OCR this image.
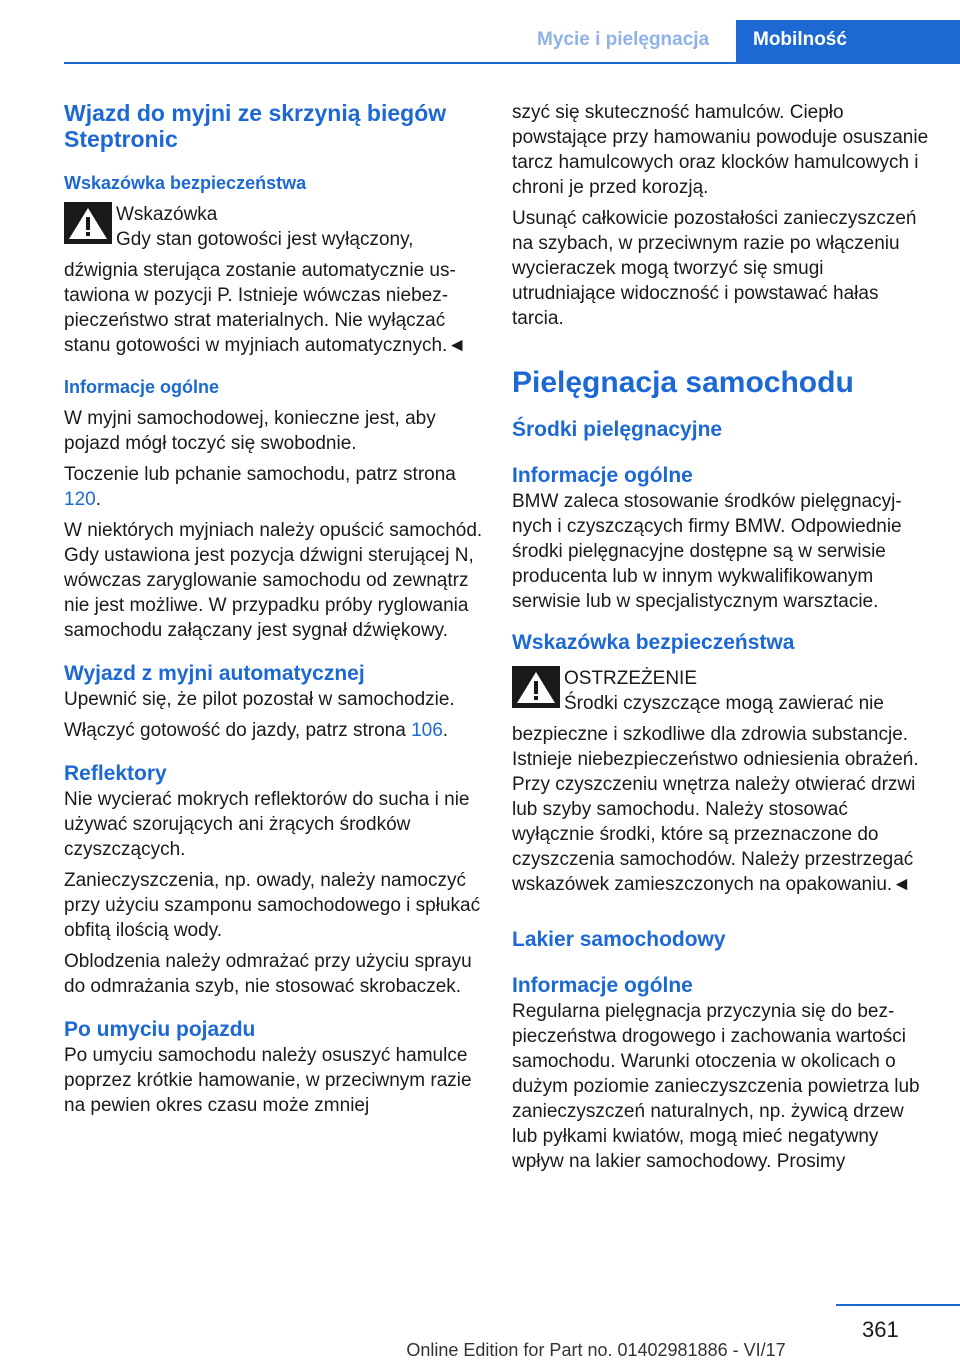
Mycie i pielęgnacja Mobilność
Wjazd do myjni ze skrzynią biegów Steptronic
Wskazówka bezpieczeństwa
Wskazówka
Gdy stan gotowości jest wyłączony,
dźwignia sterująca zostanie automatycznie ustawiona w pozycji P. Istnieje wówczas niebezpieczeństwo strat materialnych. Nie wyłączać stanu gotowości w myjniach automatycznych.◄
Informacje ogólne
W myjni samochodowej, konieczne jest, aby pojazd mógł toczyć się swobodnie.
Toczenie lub pchanie samochodu, patrz strona 120.
W niektórych myjniach należy opuścić samochód. Gdy ustawiona jest pozycja dźwigni sterującej N, wówczas zaryglowanie samochodu od zewnątrz nie jest możliwe. W przypadku próby ryglowania samochodu załączany jest sygnał dźwiękowy.
Wyjazd z myjni automatycznej
Upewnić się, że pilot pozostał w samochodzie.
Włączyć gotowość do jazdy, patrz strona 106.
Reflektory
Nie wycierać mokrych reflektorów do sucha i nie używać szorujących ani żrących środków czyszczących.
Zanieczyszczenia, np. owady, należy namoczyć przy użyciu szamponu samochodowego i spłukać obfitą ilością wody.
Oblodzenia należy odmrażać przy użyciu sprayu do odmrażania szyb, nie stosować skrobaczek.
Po umyciu pojazdu
Po umyciu samochodu należy osuszyć hamulce poprzez krótkie hamowanie, w przeciwnym razie na pewien okres czasu może zmniej
szyć się skuteczność hamulców. Ciepło powstające przy hamowaniu powoduje osuszanie tarcz hamulcowych oraz klocków hamulcowych i chroni je przed korozją.
Usunąć całkowicie pozostałości zanieczyszczeń na szybach, w przeciwnym razie po włączeniu wycieraczek mogą tworzyć się smugi utrudniające widoczność i powstawać hałas tarcia.
Pielęgnacja samochodu
Środki pielęgnacyjne
Informacje ogólne
BMW zaleca stosowanie środków pielęgnacyjnych i czyszczących firmy BMW. Odpowiednie środki pielęgnacyjne dostępne są w serwisie producenta lub w innym wykwalifikowanym serwisie lub w specjalistycznym warsztacie.
Wskazówka bezpieczeństwa
OSTRZEŻENIE
Środki czyszczące mogą zawierać nie
bezpieczne i szkodliwe dla zdrowia substancje. Istnieje niebezpieczeństwo odniesienia obrażeń. Przy czyszczeniu wnętrza należy otwierać drzwi lub szyby samochodu. Należy stosować wyłącznie środki, które są przeznaczone do czyszczenia samochodów. Należy przestrzegać wskazówek zamieszczonych na opakowaniu.◄
Lakier samochodowy
Informacje ogólne
Regularna pielęgnacja przyczynia się do bezpieczeństwa drogowego i zachowania wartości samochodu. Warunki otoczenia w okolicach o dużym poziomie zanieczyszczenia powietrza lub zanieczyszczeń naturalnych, np. żywicą drzew lub pyłkami kwiatów, mogą mieć negatywny wpływ na lakier samochodowy. Prosimy
361
Online Edition for Part no. 01402981886 - VI/17
